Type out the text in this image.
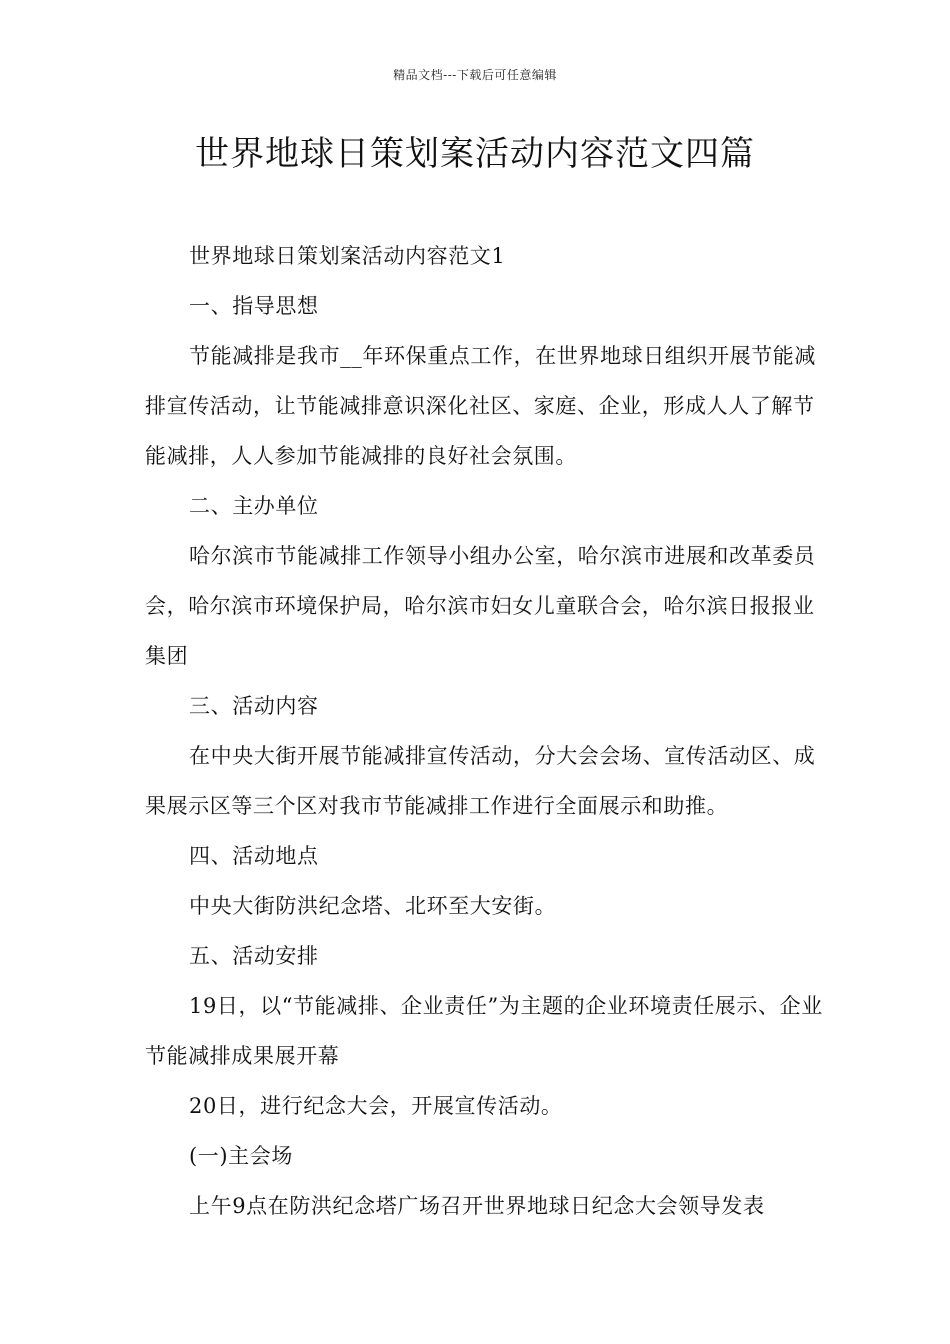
精品文档---下载后可任意编辑
世界地球日策划案活动内容范文四篇

世界地球日策划案活动内容范文1

一、指导思想

节能减排是我市__年环保重点工作，在世界地球日组织开展节能减排宣传活动，让节能减排意识深化社区、家庭、企业，形成人人了解节能减排，人人参加节能减排的良好社会氛围。

二、主办单位

哈尔滨市节能减排工作领导小组办公室，哈尔滨市进展和改革委员会，哈尔滨市环境保护局，哈尔滨市妇女儿童联合会，哈尔滨日报报业集团

三、活动内容

在中央大街开展节能减排宣传活动，分大会会场、宣传活动区、成果展示区等三个区对我市节能减排工作进行全面展示和助推。

四、活动地点

中央大街防洪纪念塔、北环至大安街。

五、活动安排

19日，以“节能减排、企业责任”为主题的企业环境责任展示、企业节能减排成果展开幕

20日，进行纪念大会，开展宣传活动。

(一)主会场

上午9点在防洪纪念塔广场召开世界地球日纪念大会领导发表
